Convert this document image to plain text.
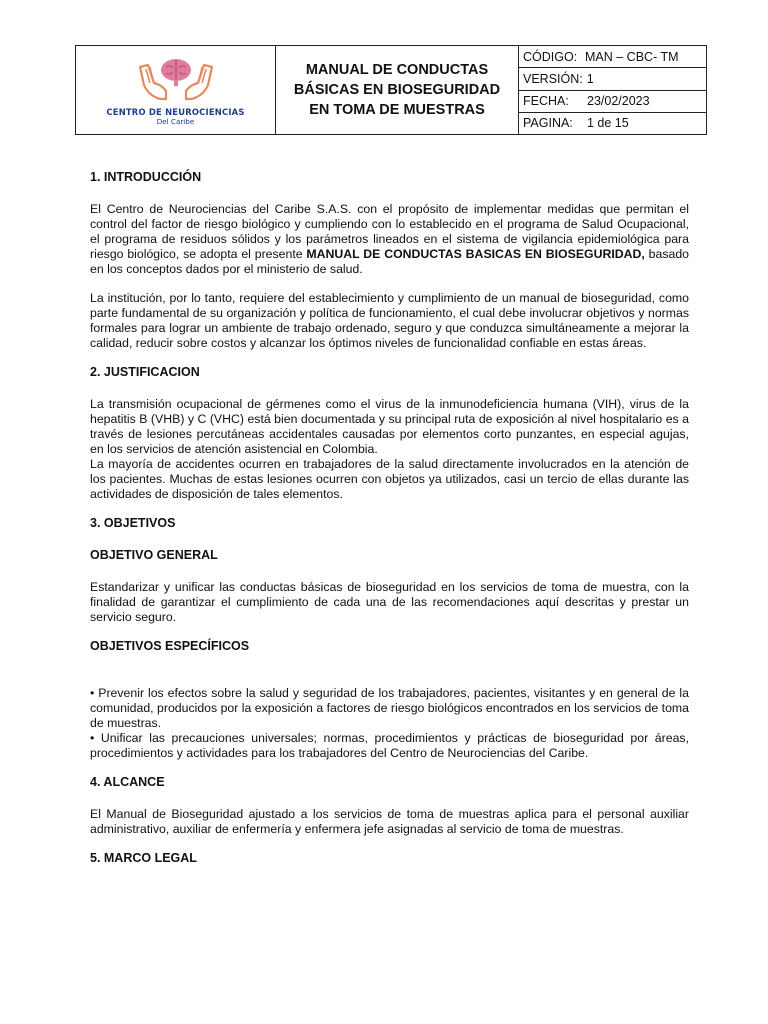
CENTRO DE NEUROCIENCIAS
Del Caribe
MANUAL DE CONDUCTAS BÁSICAS EN BIOSEGURIDAD EN TOMA DE MUESTRAS
CÓDIGO: MAN – CBC- TM
VERSIÓN: 1
FECHA:	23/02/2023
PAGINA:	1 de 15
1. INTRODUCCIÓN

El Centro de Neurociencias del Caribe S.A.S. con el propósito de implementar medidas que permitan el control del factor de riesgo biológico y cumpliendo con lo establecido en el programa de Salud Ocupacional, el programa de residuos sólidos y los parámetros lineados en el sistema de vigilancia epidemiológica para riesgo biológico, se adopta el presente MANUAL DE CONDUCTAS BASICAS EN BIOSEGURIDAD, basado en los conceptos dados por el ministerio de salud.

La institución, por lo tanto, requiere del establecimiento y cumplimiento de un manual de bioseguridad, como parte fundamental de su organización y política de funcionamiento, el cual debe involucrar objetivos y normas formales para lograr un ambiente de trabajo ordenado, seguro y que conduzca simultáneamente a mejorar la calidad, reducir sobre costos y alcanzar los óptimos niveles de funcionalidad confiable en estas áreas.

2. JUSTIFICACION

La transmisión ocupacional de gérmenes como el virus de la inmunodeficiencia humana (VIH), virus de la hepatitis B (VHB) y C (VHC) está bien documentada y su principal ruta de exposición al nivel hospitalario es a través de lesiones percutáneas accidentales causadas por elementos corto punzantes, en especial agujas, en los servicios de atención asistencial en Colombia.

La mayoría de accidentes ocurren en trabajadores de la salud directamente involucrados en la atención de los pacientes. Muchas de estas lesiones ocurren con objetos ya utilizados, casi un tercio de ellas durante las actividades de disposición de tales elementos.

3. OBJETIVOS
OBJETIVO GENERAL

Estandarizar y unificar las conductas básicas de bioseguridad en los servicios de toma de muestra, con la finalidad de garantizar el cumplimiento de cada una de las recomendaciones aquí descritas y prestar un servicio seguro.

OBJETIVOS ESPECÍFICOS

• Prevenir los efectos sobre la salud y seguridad de los trabajadores, pacientes, visitantes y en general de la comunidad, producidos por la exposición a factores de riesgo biológicos encontrados en los servicios de toma de muestras.

• Unificar las precauciones universales; normas, procedimientos y prácticas de bioseguridad por áreas, procedimientos y actividades para los trabajadores del Centro de Neurociencias del Caribe.

4. ALCANCE

El Manual de Bioseguridad ajustado a los servicios de toma de muestras aplica para el personal auxiliar administrativo, auxiliar de enfermería y enfermera jefe asignadas al servicio de toma de muestras.

5. MARCO LEGAL
